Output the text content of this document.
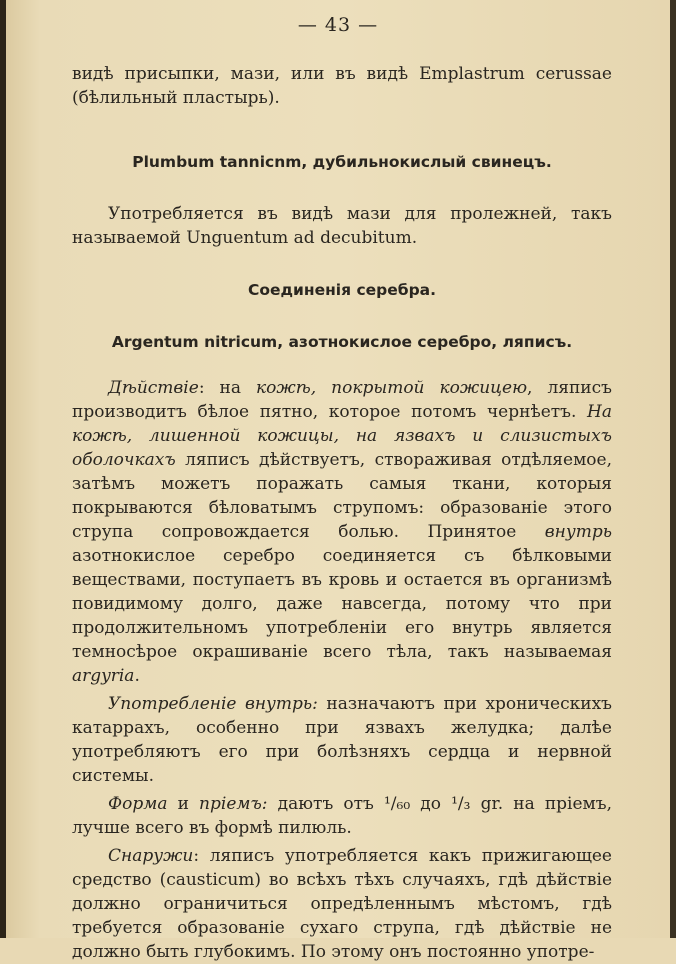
— 43 —

видѣ присыпки, мази, или въ видѣ Emplastrum cerussae (бѣлильный пластырь).

Plumbum tannicnm, дубильнокислый свинецъ.

Употребляется въ видѣ мази для пролежней, такъ называемой Unguentum ad decubitum.

Соединенія серебра.
Argentum nitricum, азотнокислое серебро, ляписъ.

Дѣйствіе: на кожѣ, покрытой кожицею, ляписъ производитъ бѣлое пятно, которое потомъ чернѣетъ. На кожѣ, лишенной кожицы, на язвахъ и слизистыхъ оболочкахъ ляписъ дѣйствуетъ, створаживая отдѣляемое, затѣмъ можетъ поражать самыя ткани, которыя покрываются бѣловатымъ струпомъ: образованіе этого струпа сопровождается болью. Принятое внутрь азотнокислое серебро соединяется съ бѣлковыми веществами, поступаетъ въ кровь и остается въ организмѣ повидимому долго, даже навсегда, потому что при продолжительномъ употребленіи его внутрь является темносѣрое окрашиваніе всего тѣла, такъ называемая argyria.

Употребленіе внутрь: назначаютъ при хроническихъ катаррахъ, особенно при язвахъ желудка; далѣе употребляютъ его при болѣзняхъ сердца и нервной системы.

Форма и пріемъ: даютъ отъ ¹/₆₀ до ¹/₃ gr. на пріемъ, лучше всего въ формѣ пилюль.

Снаружи: ляписъ употребляется какъ прижигающее средство (causticum) во всѣхъ тѣхъ случаяхъ, гдѣ дѣйствіе должно ограничиться опредѣленнымъ мѣстомъ, гдѣ требуется образованіе сухаго струпа, гдѣ дѣйствіе не должно быть глубокимъ. По этому онъ постоянно употре-
